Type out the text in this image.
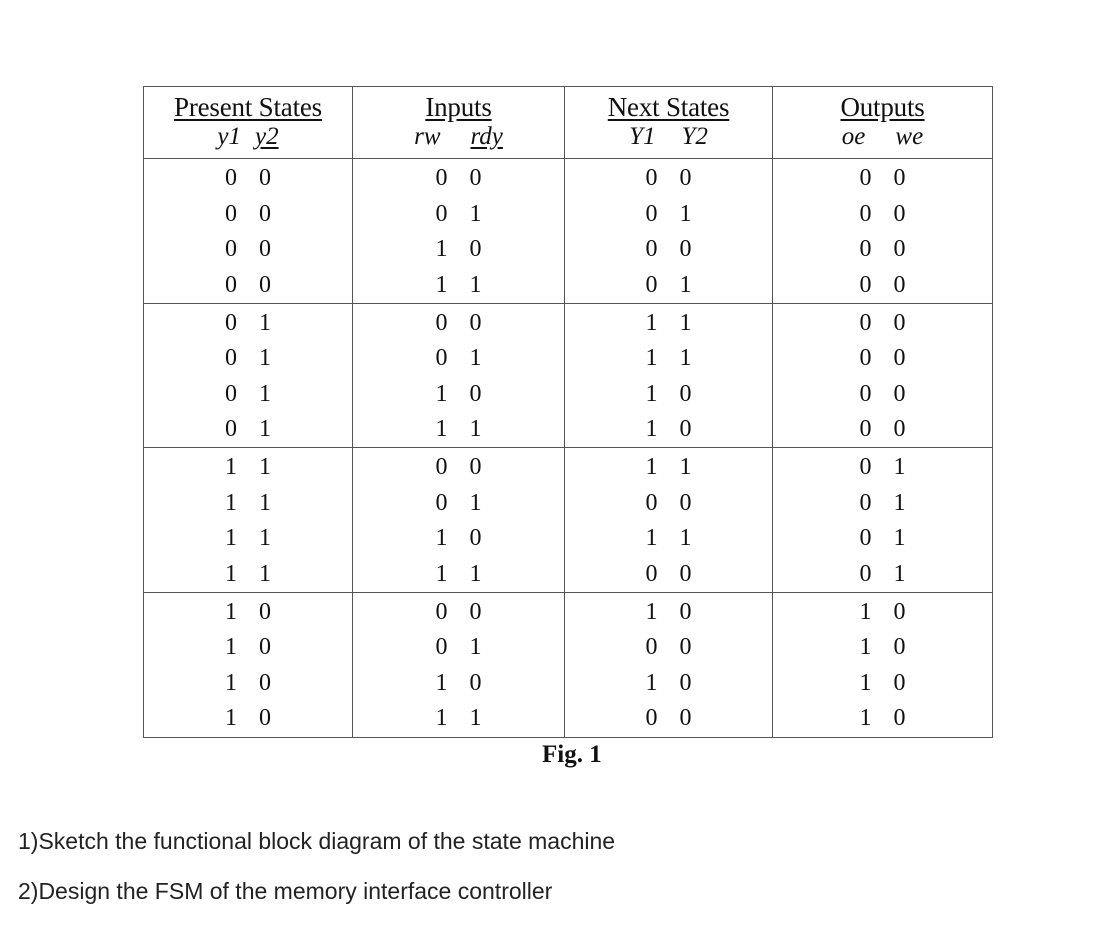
Present States
y1 y2
0 0
0 0
0 0
0 0
0 1
0 1
0 1
0 1
1 1
1 1
1 1
1 1
1 0
1 0
1 0
1 0
Inputs
rw rdy
0 0
0 1
1 0
1 1
0 0
0 1
1 0
1 1
0 0
0 1
1 0
1 1
0 0
0 1
1 0
1 1
Next States
Y1 Y2
0 0
0 1
0 0
0 1
1 1
1 1
1 0
1 0
1 1
0 0
1 1
0 0
1 0
0 0
1 0
0 0
Outputs
oe we
0 0
0 0
0 0
0 0
0 0
0 0
0 0
0 0
0 1
0 1
0 1
0 1
1 0
1 0
1 0
1 0
Fig. 1
1)Sketch the functional block diagram of the state machine
2)Design the FSM of the memory interface controller
